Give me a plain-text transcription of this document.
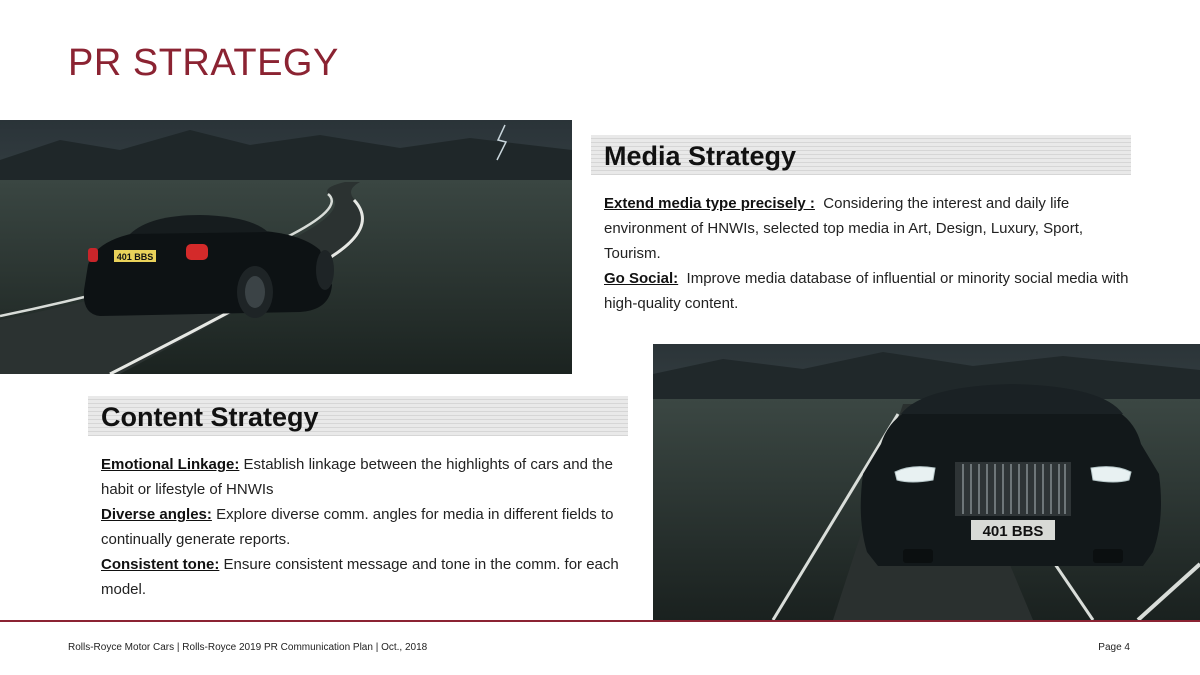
PR STRATEGY
401 BBS
401 BBS
Media Strategy

Extend media type precisely : Considering the interest and daily life environment of HNWIs, selected top media in Art, Design, Luxury, Sport, Tourism.

Go Social: Improve media database of influential or minority social media with high-quality content.

Content Strategy

Emotional Linkage: Establish linkage between the highlights of cars and the habit or lifestyle of HNWIs

Diverse angles: Explore diverse comm. angles for media in different fields to continually generate reports.

Consistent tone: Ensure consistent message and tone in the comm. for each model.

Rolls-Royce Motor Cars | Rolls-Royce 2019 PR Communication Plan | Oct., 2018	Page 4
